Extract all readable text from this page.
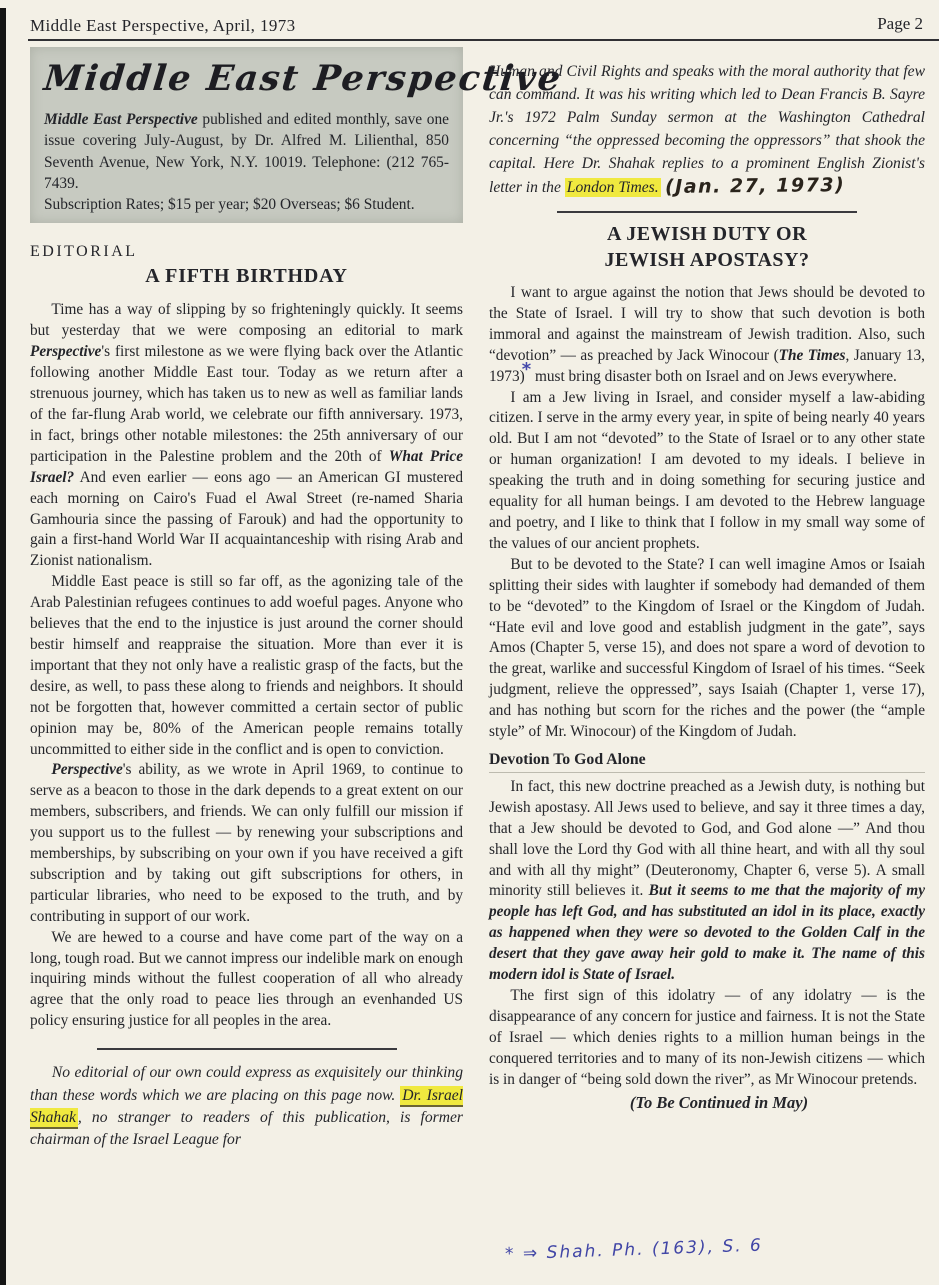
Middle East Perspective, April, 1973	Page 2
Middle East Perspective

Middle East Perspective published and edited monthly, save one issue covering July-August, by Dr. Alfred M. Lilienthal, 850 Seventh Avenue, New York, N.Y. 10019. Telephone: (212 765-7439.

Subscription Rates; $15 per year; $20 Overseas; $6 Student.

EDITORIAL
A FIFTH BIRTHDAY

Time has a way of slipping by so frighteningly quickly. It seems but yesterday that we were composing an editorial to mark Perspective's first milestone as we were flying back over the Atlantic following another Middle East tour. Today as we return after a strenuous journey, which has taken us to new as well as familiar lands of the far-flung Arab world, we celebrate our fifth anniversary. 1973, in fact, brings other notable milestones: the 25th anniversary of our participation in the Palestine problem and the 20th of What Price Israel? And even earlier — eons ago — an American GI mustered each morning on Cairo's Fuad el Awal Street (re-named Sharia Gamhouria since the passing of Farouk) and had the opportunity to gain a first-hand World War II acquaintanceship with rising Arab and Zionist nationalism.

Middle East peace is still so far off, as the agonizing tale of the Arab Palestinian refugees continues to add woeful pages. Anyone who believes that the end to the injustice is just around the corner should bestir himself and reappraise the situation. More than ever it is important that they not only have a realistic grasp of the facts, but the desire, as well, to pass these along to friends and neighbors. It should not be forgotten that, however committed a certain sector of public opinion may be, 80% of the American people remains totally uncommitted to either side in the conflict and is open to conviction.

Perspective's ability, as we wrote in April 1969, to continue to serve as a beacon to those in the dark depends to a great extent on our members, subscribers, and friends. We can only fulfill our mission if you support us to the fullest — by renewing your subscriptions and memberships, by subscribing on your own if you have received a gift subscription and by taking out gift subscriptions for others, in particular libraries, who need to be exposed to the truth, and by contributing in support of our work.

We are hewed to a course and have come part of the way on a long, tough road. But we cannot impress our indelible mark on enough inquiring minds without the fullest cooperation of all who already agree that the only road to peace lies through an evenhanded US policy ensuring justice for all peoples in the area.

No editorial of our own could express as exquisitely our thinking than these words which we are placing on this page now. Dr. Israel Shahak , no stranger to readers of this publication, is former chairman of the Israel League for

Human and Civil Rights and speaks with the moral authority that few can command. It was his writing which led to Dean Francis B. Sayre Jr.'s 1972 Palm Sunday sermon at the Washington Cathedral concerning “the oppressed becoming the oppressors” that shook the capital. Here Dr. Shahak replies to a prominent English Zionist's letter in the London Times. (Jan. 27, 1973)

A JEWISH DUTY OR
JEWISH APOSTASY?

I want to argue against the notion that Jews should be devoted to the State of Israel. I will try to show that such devotion is both immoral and against the mainstream of Jewish tradition. Also, such “devotion” — as preached by Jack Winocour (The Times, January 13, 1973)* must bring disaster both on Israel and on Jews everywhere.

I am a Jew living in Israel, and consider myself a law-abiding citizen. I serve in the army every year, in spite of being nearly 40 years old. But I am not “devoted” to the State of Israel or to any other state or human organization! I am devoted to my ideals. I believe in speaking the truth and in doing something for securing justice and equality for all human beings. I am devoted to the Hebrew language and poetry, and I like to think that I follow in my small way some of the values of our ancient prophets.

But to be devoted to the State? I can well imagine Amos or Isaiah splitting their sides with laughter if somebody had demanded of them to be “devoted” to the Kingdom of Israel or the Kingdom of Judah. “Hate evil and love good and establish judgment in the gate”, says Amos (Chapter 5, verse 15), and does not spare a word of devotion to the great, warlike and successful Kingdom of Israel of his times. “Seek judgment, relieve the oppressed”, says Isaiah (Chapter 1, verse 17), and has nothing but scorn for the riches and the power (the “ample style” of Mr. Winocour) of the Kingdom of Judah.

Devotion To God Alone

In fact, this new doctrine preached as a Jewish duty, is nothing but Jewish apostasy. All Jews used to believe, and say it three times a day, that a Jew should be devoted to God, and God alone —” And thou shall love the Lord thy God with all thine heart, and with all thy soul and with all thy might” (Deuteronomy, Chapter 6, verse 5). A small minority still believes it. But it seems to me that the majority of my people has left God, and has substituted an idol in its place, exactly as happened when they were so devoted to the Golden Calf in the desert that they gave away heir gold to make it. The name of this modern idol is State of Israel.

The first sign of this idolatry — of any idolatry — is the disappearance of any concern for justice and fairness. It is not the State of Israel — which denies rights to a million human beings in the conquered territories and to many of its non-Jewish citizens — which is in danger of “being sold down the river”, as Mr Winocour pretends.

(To Be Continued in May)

* ⇒ Shah. Ph. (163), S. 6
